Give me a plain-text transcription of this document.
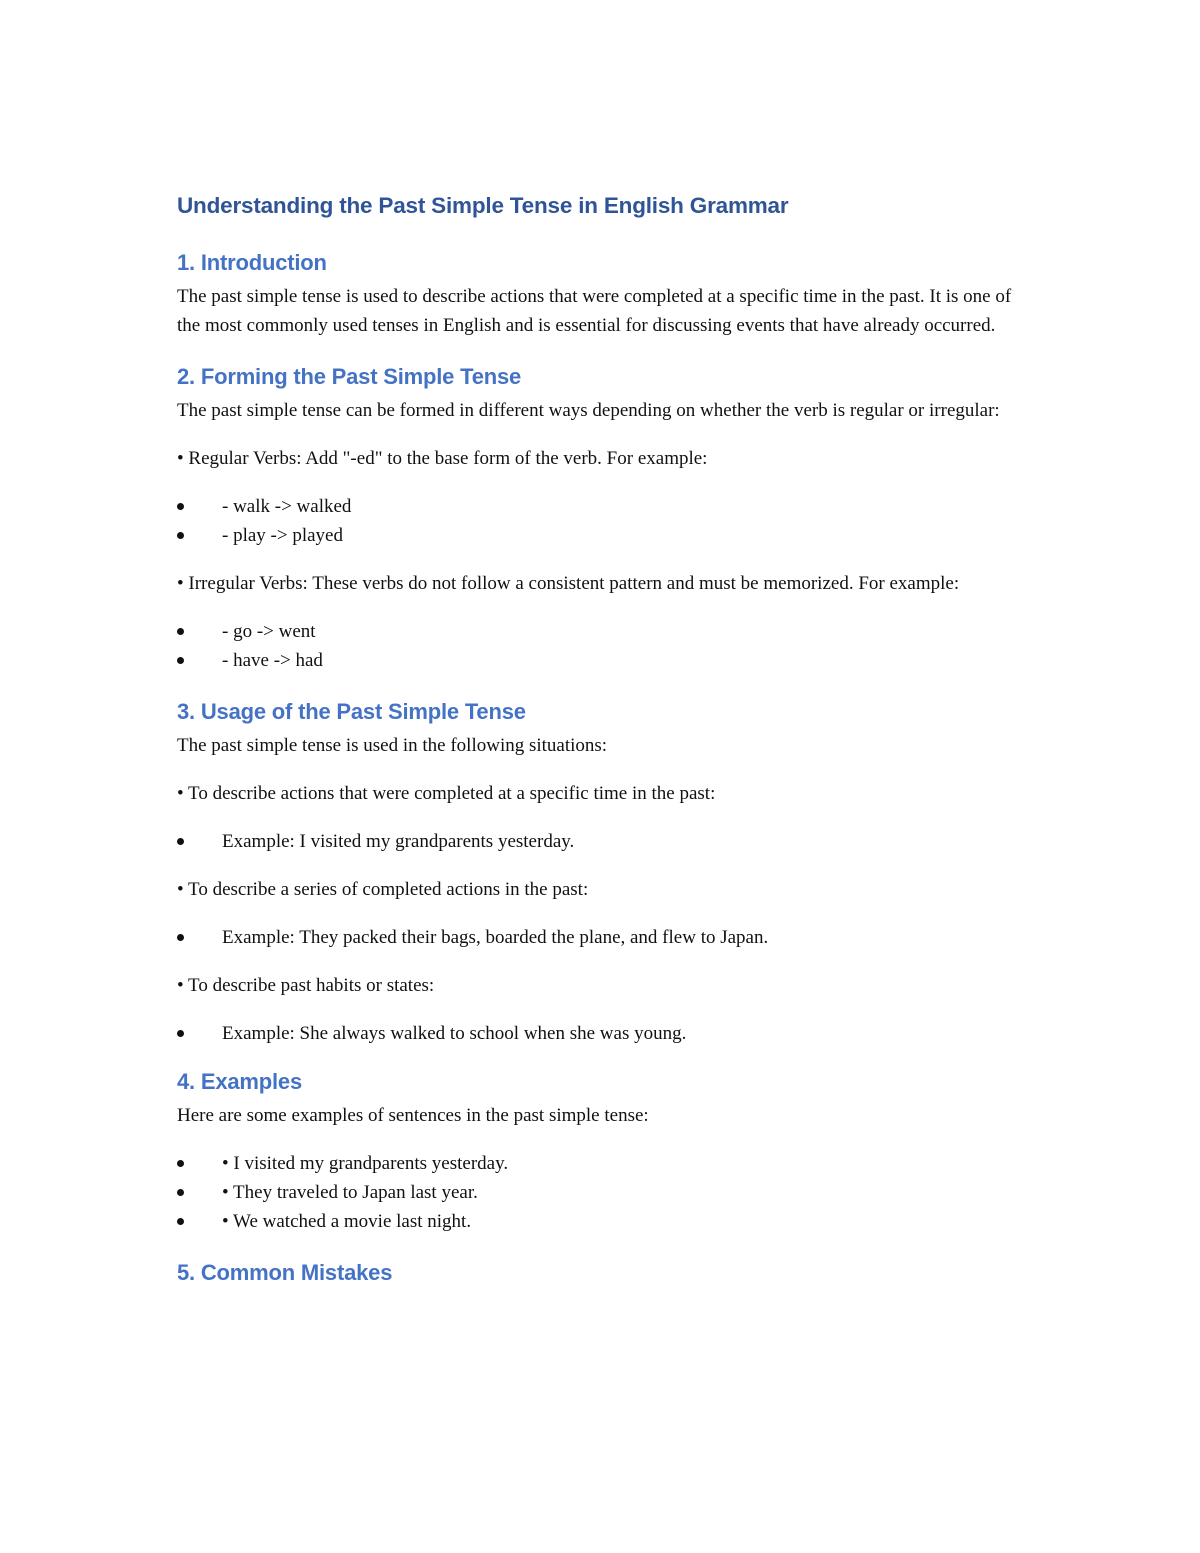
Understanding the Past Simple Tense in English Grammar
1. Introduction

The past simple tense is used to describe actions that were completed at a specific time in the past. It is one of the most commonly used tenses in English and is essential for discussing events that have already occurred.

2. Forming the Past Simple Tense

The past simple tense can be formed in different ways depending on whether the verb is regular or irregular:

• Regular Verbs: Add "-ed" to the base form of the verb. For example:

- walk -> walked
- play -> played

• Irregular Verbs: These verbs do not follow a consistent pattern and must be memorized. For example:

- go -> went
- have -> had
3. Usage of the Past Simple Tense

The past simple tense is used in the following situations:

• To describe actions that were completed at a specific time in the past:

Example: I visited my grandparents yesterday.

• To describe a series of completed actions in the past:

Example: They packed their bags, boarded the plane, and flew to Japan.

• To describe past habits or states:

Example: She always walked to school when she was young.
4. Examples

Here are some examples of sentences in the past simple tense:

• I visited my grandparents yesterday.
• They traveled to Japan last year.
• We watched a movie last night.
5. Common Mistakes
